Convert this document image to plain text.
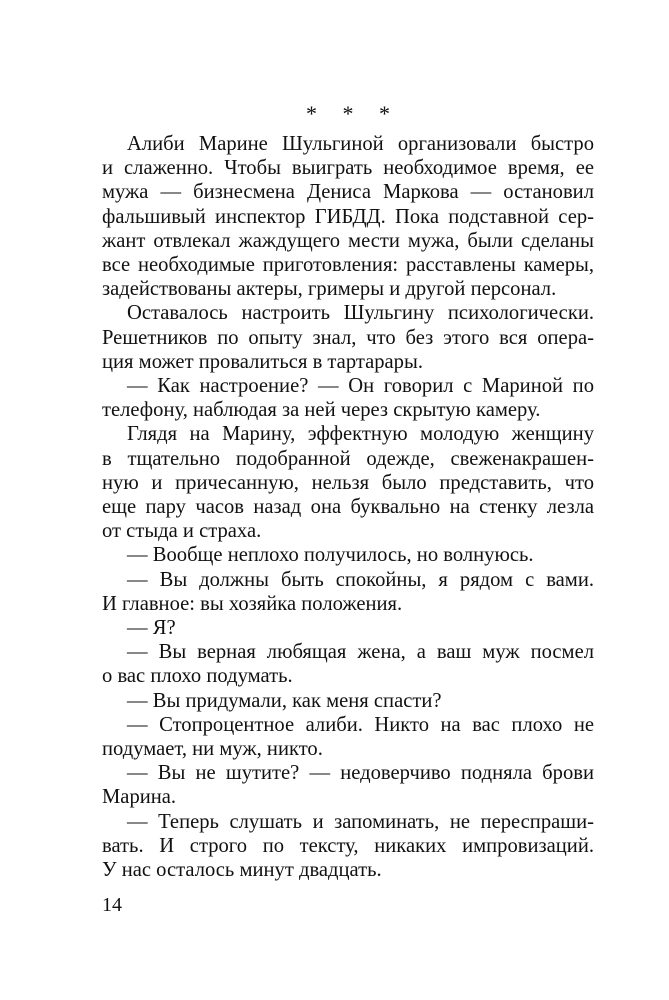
* * *

Алиби Марине Шульгиной организовали быстро
и слаженно. Чтобы выиграть необходимое время, ее
мужа — бизнесмена Дениса Маркова — остановил
фальшивый инспектор ГИБДД. Пока подставной сер-
жант отвлекал жаждущего мести мужа, были сделаны
все необходимые приготовления: расставлены камеры,
задействованы актеры, гримеры и другой персонал.

Оставалось настроить Шульгину психологически.
Решетников по опыту знал, что без этого вся опера-
ция может провалиться в тартарары.

— Как настроение? — Он говорил с Мариной по
телефону, наблюдая за ней через скрытую камеру.

Глядя на Марину, эффектную молодую женщину
в тщательно подобранной одежде, свеженакрашен-
ную и причесанную, нельзя было представить, что
еще пару часов назад она буквально на стенку лезла
от стыда и страха.

— Вообще неплохо получилось, но волнуюсь.

— Вы должны быть спокойны, я рядом с вами.
И главное: вы хозяйка положения.

— Я?

— Вы верная любящая жена, а ваш муж посмел
о вас плохо подумать.

— Вы придумали, как меня спасти?

— Стопроцентное алиби. Никто на вас плохо не
подумает, ни муж, никто.

— Вы не шутите? — недоверчиво подняла брови
Марина.

— Теперь слушать и запоминать, не переспраши-
вать. И строго по тексту, никаких импровизаций.
У нас осталось минут двадцать.

14
